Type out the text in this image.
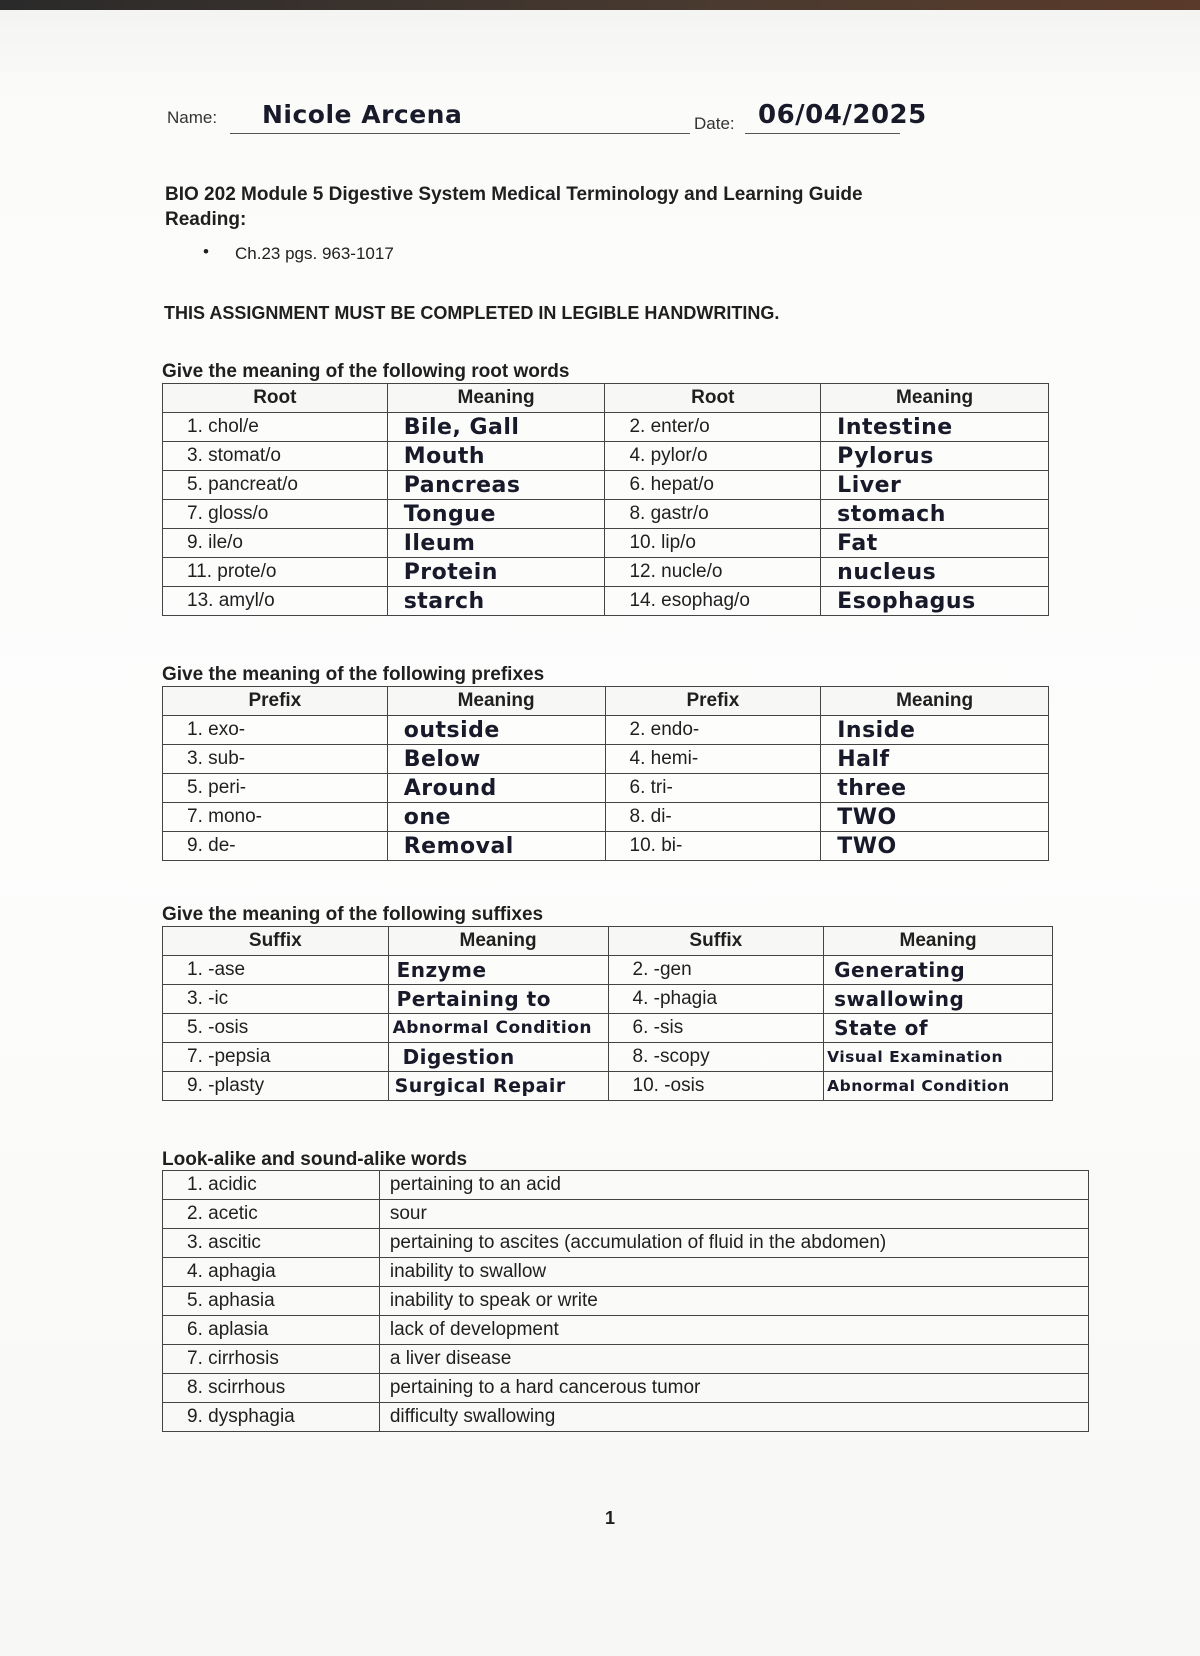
Name: Nicole Arcena	Date: 06/04/2025
BIO 202 Module 5 Digestive System Medical Terminology and Learning Guide
Reading:
• Ch.23 pgs. 963-1017
THIS ASSIGNMENT MUST BE COMPLETED IN LEGIBLE HANDWRITING.
Give the meaning of the following root words
Root	Meaning	Root	Meaning
1. chol/e	Bile, Gall	2. enter/o	Intestine
3. stomat/o	Mouth	4. pylor/o	Pylorus
5. pancreat/o	Pancreas	6. hepat/o	Liver
7. gloss/o	Tongue	8. gastr/o	stomach
9. ile/o	Ileum	10. lip/o	Fat
11. prote/o	Protein	12. nucle/o	nucleus
13. amyl/o	starch	14. esophag/o	Esophagus
Give the meaning of the following prefixes
Prefix	Meaning	Prefix	Meaning
1. exo-	outside	2. endo-	Inside
3. sub-	Below	4. hemi-	Half
5. peri-	Around	6. tri-	three
7. mono-	one	8. di-	TWO
9. de-	Removal	10. bi-	TWO
Give the meaning of the following suffixes
Suffix	Meaning	Suffix	Meaning
1. -ase	Enzyme	2. -gen	Generating
3. -ic	Pertaining to	4. -phagia	swallowing
5. -osis	Abnormal Condition	6. -sis	State of
7. -pepsia	Digestion	8. -scopy	Visual Examination
9. -plasty	Surgical Repair	10. -osis	Abnormal Condition
Look-alike and sound-alike words
1. acidic	pertaining to an acid
2. acetic	sour
3. ascitic	pertaining to ascites (accumulation of fluid in the abdomen)
4. aphagia	inability to swallow
5. aphasia	inability to speak or write
6. aplasia	lack of development
7. cirrhosis	a liver disease
8. scirrhous	pertaining to a hard cancerous tumor
9. dysphagia	difficulty swallowing
1
